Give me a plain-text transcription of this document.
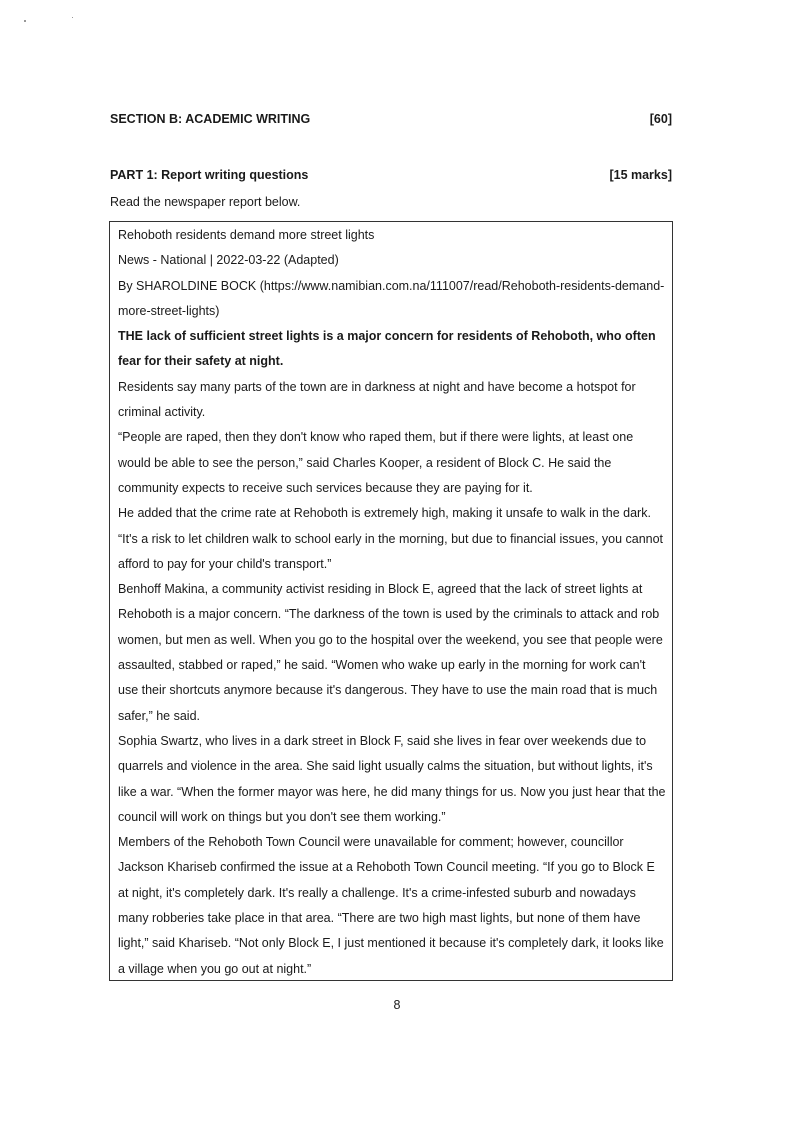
SECTION B: ACADEMIC WRITING	[60]
PART 1: Report writing questions	[15 marks]
Read the newspaper report below.

Rehoboth residents demand more street lights

News - National | 2022-03-22 (Adapted)

By SHAROLDINE BOCK (https://www.namibian.com.na/111007/read/Rehoboth-residents-demand-more-street-lights)

THE lack of sufficient street lights is a major concern for residents of Rehoboth, who often fear for their safety at night.

Residents say many parts of the town are in darkness at night and have become a hotspot for criminal activity.

“People are raped, then they don't know who raped them, but if there were lights, at least one would be able to see the person,” said Charles Kooper, a resident of Block C. He said the community expects to receive such services because they are paying for it.

He added that the crime rate at Rehoboth is extremely high, making it unsafe to walk in the dark. “It's a risk to let children walk to school early in the morning, but due to financial issues, you cannot afford to pay for your child's transport.”

Benhoff Makina, a community activist residing in Block E, agreed that the lack of street lights at Rehoboth is a major concern. “The darkness of the town is used by the criminals to attack and rob women, but men as well. When you go to the hospital over the weekend, you see that people were assaulted, stabbed or raped,” he said. “Women who wake up early in the morning for work can't use their shortcuts anymore because it's dangerous. They have to use the main road that is much safer,” he said.

Sophia Swartz, who lives in a dark street in Block F, said she lives in fear over weekends due to quarrels and violence in the area. She said light usually calms the situation, but without lights, it's like a war. “When the former mayor was here, he did many things for us. Now you just hear that the council will work on things but you don't see them working.”

Members of the Rehoboth Town Council were unavailable for comment; however, councillor Jackson Khariseb confirmed the issue at a Rehoboth Town Council meeting. “If you go to Block E at night, it's completely dark. It's really a challenge. It's a crime-infested suburb and nowadays many robberies take place in that area. “There are two high mast lights, but none of them have light,” said Khariseb. “Not only Block E, I just mentioned it because it's completely dark, it looks like a village when you go out at night.”

8
